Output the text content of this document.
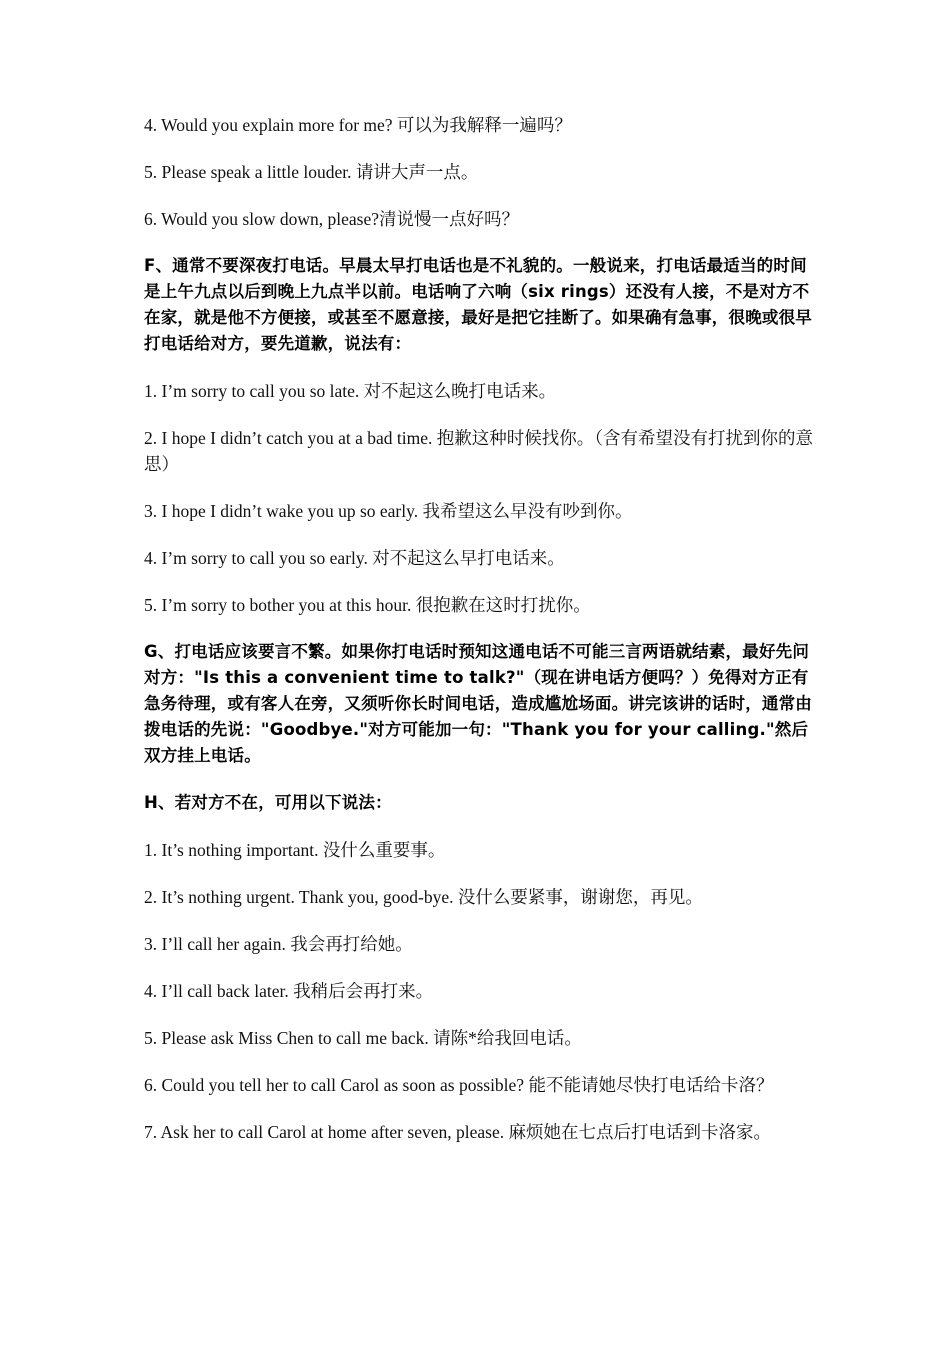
4. Would you explain more for me? 可以为我解释一遍吗？

5. Please speak a little louder. 请讲大声一点。

6. Would you slow down, please?清说慢一点好吗？

F、通常不要深夜打电话。早晨太早打电话也是不礼貌的。一般说来，打电话最适当的时间是上午九点以后到晚上九点半以前。电话响了六响（six rings）还没有人接，不是对方不在家，就是他不方便接，或甚至不愿意接，最好是把它挂断了。如果确有急事，很晚或很早打电话给对方，要先道歉，说法有：

1. I’m sorry to call you so late. 对不起这么晚打电话来。

2. I hope I didn’t catch you at a bad time. 抱歉这种时候找你。（含有希望没有打扰到你的意思）

3. I hope I didn’t wake you up so early. 我希望这么早没有吵到你。

4. I’m sorry to call you so early. 对不起这么早打电话来。

5. I’m sorry to bother you at this hour. 很抱歉在这时打扰你。

G、打电话应该要言不繁。如果你打电话时预知这通电话不可能三言两语就结素，最好先问对方："Is this a convenient time to talk?"（现在讲电话方便吗？）免得对方正有急务待理，或有客人在旁，又须听你长时间电话，造成尴尬场面。讲完该讲的话时，通常由拨电话的先说："Goodbye."对方可能加一句："Thank you for your calling."然后双方挂上电话。

H、若对方不在，可用以下说法：

1. It’s nothing important. 没什么重要事。

2. It’s nothing urgent. Thank you, good-bye. 没什么要紧事，谢谢您，再见。

3. I’ll call her again. 我会再打给她。

4. I’ll call back later. 我稍后会再打来。

5. Please ask Miss Chen to call me back. 请陈*给我回电话。

6. Could you tell her to call Carol as soon as possible? 能不能请她尽快打电话给卡洛？

7. Ask her to call Carol at home after seven, please. 麻烦她在七点后打电话到卡洛家。
